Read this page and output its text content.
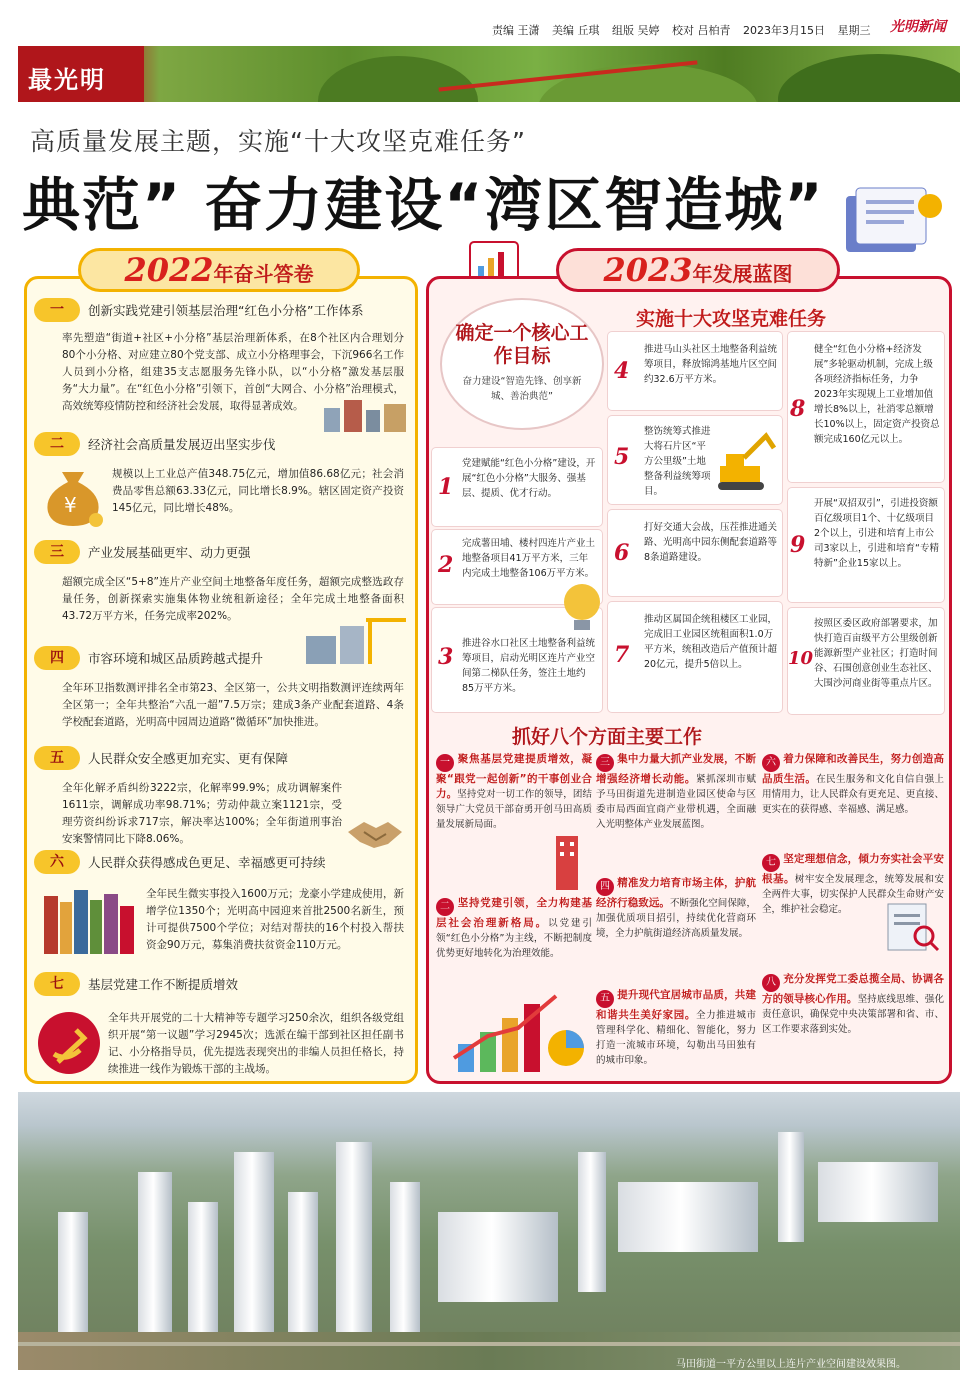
责编 王潇 美编 丘琪 组版 吴婷 校对 吕柏青 2023年3月15日 星期三	光明新闻
最光明
高质量发展主题，实施“十大攻坚克难任务”
典范” 奋力建设“湾区智造城”
2022年奋斗答卷
一	创新实践党建引领基层治理“红色小分格”工作体系
率先塑造“街道+社区+小分格”基层治理新体系，在8个社区内合理划分80个小分格、对应建立80个党支部、成立小分格理事会，下沉966名工作人员到小分格，组建35支志愿服务先锋小队，以“小分格”激发基层服务“大力量”。在“红色小分格”引领下，首创“大网合、小分格”治理模式，高效统筹疫情防控和经济社会发展，取得显著成效。
二	经济社会高质量发展迈出坚实步伐
¥
规模以上工业总产值348.75亿元，增加值86.68亿元；社会消费品零售总额63.33亿元，同比增长8.9%。辖区固定资产投资145亿元，同比增长48%。
三	产业发展基础更牢、动力更强
超额完成全区“5+8”连片产业空间土地整备年度任务，超额完成整选政存量任务，创新探索实施集体物业统租新途径；全年完成土地整备面积43.72万平方米，任务完成率202%。
四	市容环境和城区品质跨越式提升
全年环卫指数测评排名全市第23、全区第一，公共文明指数测评连续两年全区第一；全年共整治“六乱一超”7.5万宗；建成3条产业配套道路、4条学校配套道路，光明高中园周边道路“微循环”加快推进。
五	人民群众安全感更加充实、更有保障
全年化解矛盾纠纷3222宗，化解率99.9%；成功调解案件1611宗，调解成功率98.71%；劳动仲裁立案1121宗，受理劳资纠纷诉求717宗，解决率达100%；全年街道刑事治安案警情同比下降8.06%。
六	人民群众获得感成色更足、幸福感更可持续
全年民生微实事投入1600万元；龙豪小学建成使用，新增学位1350个；光明高中园迎来首批2500名新生，预计可提供7500个学位；对结对帮扶的16个村投入帮扶资金90万元，募集消费扶贫资金110万元。
七	基层党建工作不断提质增效
全年共开展党的二十大精神等专题学习250余次，组织各级党组织开展“第一议题”学习2945次；选派在编干部到社区担任副书记、小分格指导员，优先提选表现突出的非编人员担任格长，持续推进一线作为锻炼干部的主战场。
2023年发展蓝图
确定一个核心工作目标
奋力建设“智造先锋、创享新城、善治典范”
实施十大攻坚克难任务
1
党建赋能“红色小分格”建设，开展“红色小分格”大服务、强基层、提质、优才行动。
2
完成薯田埔、楼村四连片产业土地整备项目41万平方米，三年内完成土地整备106万平方米。
3
推进谷水口社区土地整备利益统筹项目，启动光明区连片产业空间第二梯队任务，签注土地约85万平方米。
4
推进马山头社区土地整备利益统筹项目，释放锦鸿基地片区空间约32.6万平方米。
5
整饬统筹式推进大将石片区“平方公里级”土地整备利益统筹项目。
6
打好交通大会战，压茬推进通关路、光明高中园东侧配套道路等8条道路建设。
7
推动区属国企统租楼区工业园，完成旧工业园区统租面积1.0万平方米，统租改造后产值预计超20亿元，提升5倍以上。
8
健全“红色小分格+经济发展”多轮驱动机制，完成上级各项经济指标任务，力争2023年实现规上工业增加值增长8%以上，社消零总额增长10%以上，固定资产投资总额完成160亿元以上。
9
开展“双招双引”，引进投资额百亿级项目1个、十亿级项目2个以上，引进和培育上市公司3家以上，引进和培育“专精特新”企业15家以上。
10
按照区委区政府部署要求，加快打造百亩级平方公里级创新能源新型产业社区；打造时间谷、石围创意创业生态社区、大围沙河商业街等重点片区。
抓好八个方面主要工作
一 聚焦基层党建提质增效，凝聚“跟党一起创新”的干事创业合力。坚持党对一切工作的领导，团结领导广大党员干部奋勇开创马田高质量发展新局面。
二 坚持党建引领，全力构建基层社会治理新格局。以党建引领“红色小分格”为主线，不断把制度优势更好地转化为治理效能。
三 集中力量大抓产业发展，不断增强经济增长动能。紧抓深圳市赋予马田街道先进制造业园区使命与区委市局西面宜商产业带机遇，全面融入光明整体产业发展蓝图。
四 精准发力培育市场主体，护航经济行稳致远。不断强化空间保障，加强优质项目招引，持续优化营商环境，全力护航街道经济高质量发展。
五 提升现代宜居城市品质，共建和谐共生美好家园。全力推进城市管理科学化、精细化、智能化，努力打造一流城市环境，勾勒出马田独有的城市印象。
六 着力保障和改善民生，努力创造高品质生活。在民生服务和文化自信自强上用情用力，让人民群众有更充足、更直接、更实在的获得感、幸福感、满足感。
七 坚定理想信念，倾力夯实社会平安根基。树牢安全发展理念，统筹发展和安全两件大事，切实保护人民群众生命财产安全，维护社会稳定。
八 充分发挥党工委总揽全局、协调各方的领导核心作用。坚持底线思维、强化责任意识，确保党中央决策部署和省、市、区工作要求落到实处。
马田街道一平方公里以上连片产业空间建设效果图。
